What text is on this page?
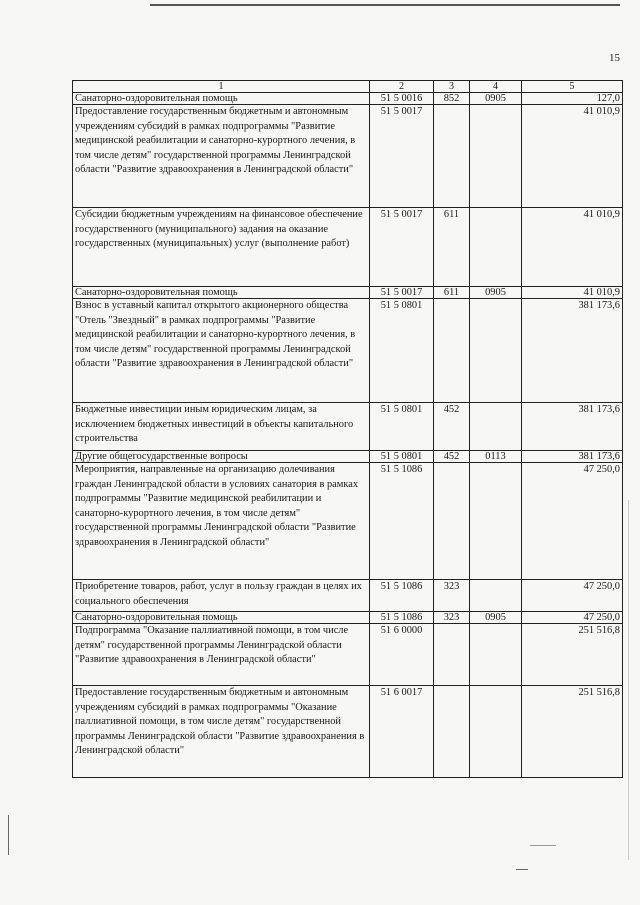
15
1	2	3	4	5
Санаторно-оздоровительная помощь	51 5 0016	852	0905	127,0
Предоставление государственным бюджетным и автономным учреждениям субсидий в рамках подпрограммы "Развитие медицинской реабилитации и санаторно-курортного лечения, в том числе детям" государственной программы Ленинградской области "Развитие здравоохранения в Ленинградской области"	51 5 0017			41 010,9
Субсидии бюджетным учреждениям на финансовое обеспечение государственного (муниципального) задания на оказание государственных (муниципальных) услуг (выполнение работ)	51 5 0017	611		41 010,9
Санаторно-оздоровительная помощь	51 5 0017	611	0905	41 010,9
Взнос в уставный капитал открытого акционерного общества "Отель "Звездный" в рамках подпрограммы "Развитие медицинской реабилитации и санаторно-курортного лечения, в том числе детям" государственной программы Ленинградской области "Развитие здравоохранения в Ленинградской области"	51 5 0801			381 173,6
Бюджетные инвестиции иным юридическим лицам, за исключением бюджетных инвестиций в объекты капитального строительства	51 5 0801	452		381 173,6
Другие общегосударственные вопросы	51 5 0801	452	0113	381 173,6
Мероприятия, направленные на организацию долечивания граждан Ленинградской области в условиях санатория в рамках подпрограммы "Развитие медицинской реабилитации и санаторно-курортного лечения, в том числе детям" государственной программы Ленинградской области "Развитие здравоохранения в Ленинградской области"	51 5 1086			47 250,0
Приобретение товаров, работ, услуг в пользу граждан в целях их социального обеспечения	51 5 1086	323		47 250,0
Санаторно-оздоровительная помощь	51 5 1086	323	0905	47 250,0
Подпрограмма "Оказание паллиативной помощи, в том числе детям" государственной программы Ленинградской области "Развитие здравоохранения в Ленинградской области"	51 6 0000			251 516,8
Предоставление государственным бюджетным и автономным учреждениям субсидий в рамках подпрограммы "Оказание паллиативной помощи, в том числе детям" государственной программы Ленинградской области "Развитие здравоохранения в Ленинградской области"	51 6 0017			251 516,8
